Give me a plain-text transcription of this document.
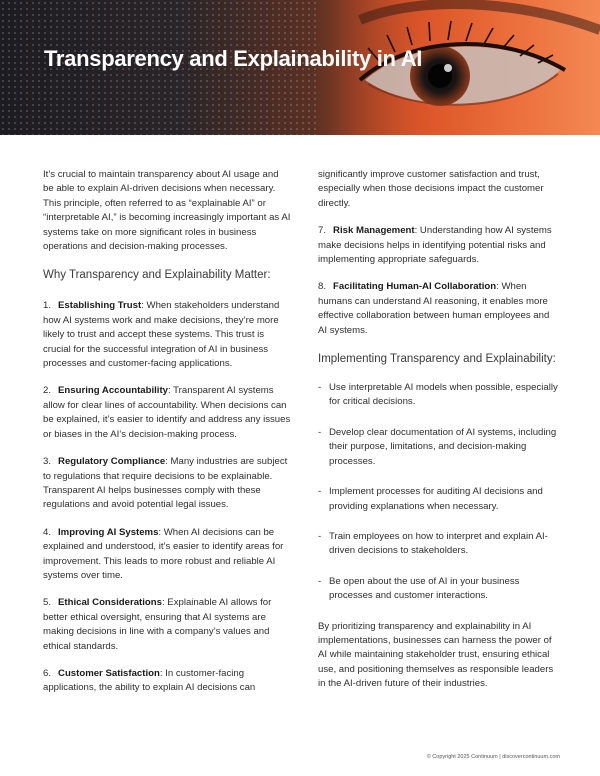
Transparency and Explainability in AI

It’s crucial to maintain transparency about AI usage and be able to explain AI-driven decisions when necessary. This principle, often referred to as “explainable AI” or “interpretable AI,” is becoming increasingly important as AI systems take on more significant roles in business operations and decision-making processes.

Why Transparency and Explainability Matter:

1. Establishing Trust: When stakeholders understand how AI systems work and make decisions, they’re more likely to trust and accept these systems. This trust is crucial for the successful integration of AI in business processes and customer-facing applications.

2. Ensuring Accountability: Transparent AI systems allow for clear lines of accountability. When decisions can be explained, it’s easier to identify and address any issues or biases in the AI’s decision-making process.

3. Regulatory Compliance: Many industries are subject to regulations that require decisions to be explainable. Transparent AI helps businesses comply with these regulations and avoid potential legal issues.

4. Improving AI Systems: When AI decisions can be explained and understood, it’s easier to identify areas for improvement. This leads to more robust and reliable AI systems over time.

5. Ethical Considerations: Explainable AI allows for better ethical oversight, ensuring that AI systems are making decisions in line with a company’s values and ethical standards.

6. Customer Satisfaction: In customer-facing applications, the ability to explain AI decisions can

significantly improve customer satisfaction and trust, especially when those decisions impact the customer directly.

7. Risk Management: Understanding how AI systems make decisions helps in identifying potential risks and implementing appropriate safeguards.

8. Facilitating Human-AI Collaboration: When humans can understand AI reasoning, it enables more effective collaboration between human employees and AI systems.

Implementing Transparency and Explainability:
- Use interpretable AI models when possible, especially for critical decisions.
- Develop clear documentation of AI systems, including their purpose, limitations, and decision-making processes.
- Implement processes for auditing AI decisions and providing explanations when necessary.
- Train employees on how to interpret and explain AI-driven decisions to stakeholders.
- Be open about the use of AI in your business processes and customer interactions.

By prioritizing transparency and explainability in AI implementations, businesses can harness the power of AI while maintaining stakeholder trust, ensuring ethical use, and positioning themselves as responsible leaders in the AI-driven future of their industries.

© Copyright 2025 Continuum | discovercontinuum.com
